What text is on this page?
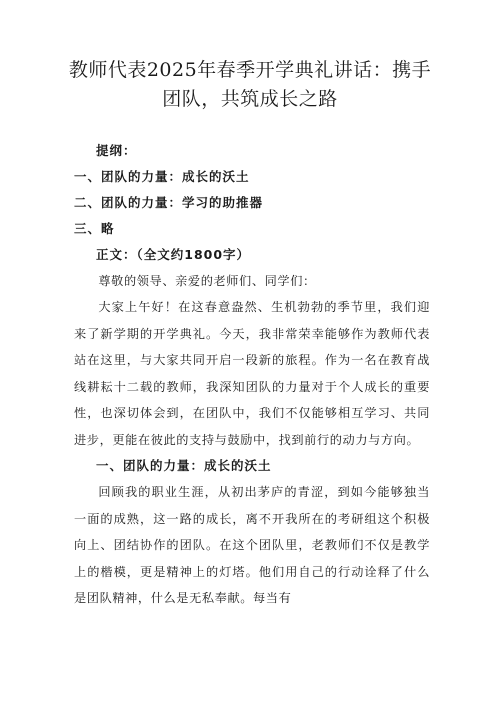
教师代表2025年春季开学典礼讲话：携手团队，共筑成长之路
提纲：
一、团队的力量：成长的沃土
二、团队的力量：学习的助推器
三、略
正文：（全文约1800字）
尊敬的领导、亲爱的老师们、同学们：
大家上午好！在这春意盎然、生机勃勃的季节里，我们迎来了新学期的开学典礼。今天，我非常荣幸能够作为教师代表站在这里，与大家共同开启一段新的旅程。作为一名在教育战线耕耘十二载的教师，我深知团队的力量对于个人成长的重要性，也深切体会到，在团队中，我们不仅能够相互学习、共同进步，更能在彼此的支持与鼓励中，找到前行的动力与方向。
一、团队的力量：成长的沃土
回顾我的职业生涯，从初出茅庐的青涩，到如今能够独当一面的成熟，这一路的成长，离不开我所在的考研组这个积极向上、团结协作的团队。在这个团队里，老教师们不仅是教学上的楷模，更是精神上的灯塔。他们用自己的行动诠释了什么是团队精神，什么是无私奉献。每当有
